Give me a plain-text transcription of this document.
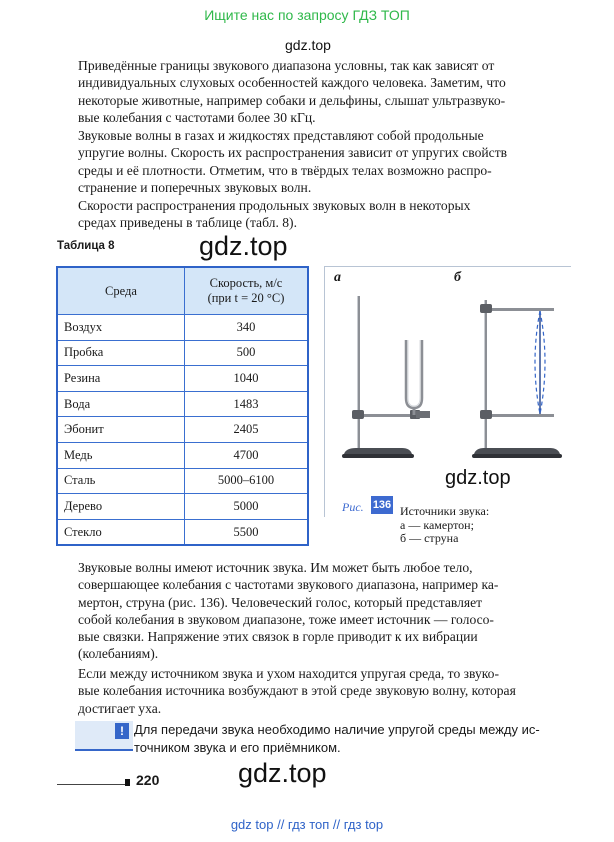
Ищите нас по запросу ГДЗ ТОП
gdz.top
Приведённые границы звукового диапазона условны, так как зависят от
индивидуальных слуховых особенностей каждого человека. Заметим, что
некоторые животные, например собаки и дельфины, слышат ультразвуко-
вые колебания с частотами более 30 кГц.
Звуковые волны в газах и жидкостях представляют собой продольные
упругие волны. Скорость их распространения зависит от упругих свойств
среды и её плотности. Отметим, что в твёрдых телах возможно распро-
странение и поперечных звуковых волн.
Скорости распространения продольных звуковых волн в некоторых
средах приведены в таблице (табл. 8).
Таблица 8	gdz.top
Среда	Скорость, м/с
(при t = 20 °C)

Воздух	340
Пробка	500
Резина	1040
Вода	1483
Эбонит	2405
Медь	4700
Сталь	5000–6100
Дерево	5000
Стекло	5500
а	б
gdz.top
Рис. 136 Источники звука:
а — камертон;
б — струна
Звуковые волны имеют источник звука. Им может быть любое тело,
совершающее колебания с частотами звукового диапазона, например ка-
мертон, струна (рис. 136). Человеческий голос, который представляет
собой колебания в звуковом диапазоне, тоже имеет источник — голосо-
вые связки. Напряжение этих связок в горле приводит к их вибрации
(колебаниям).
Если между источником звука и ухом находится упругая среда, то звуко-
вые колебания источника возбуждают в этой среде звуковую волну, которая
достигает уха.
! Для передачи звука необходимо наличие упругой среды между ис-
точником звука и его приёмником.
220	gdz.top
gdz top // гдз топ // гдз top
